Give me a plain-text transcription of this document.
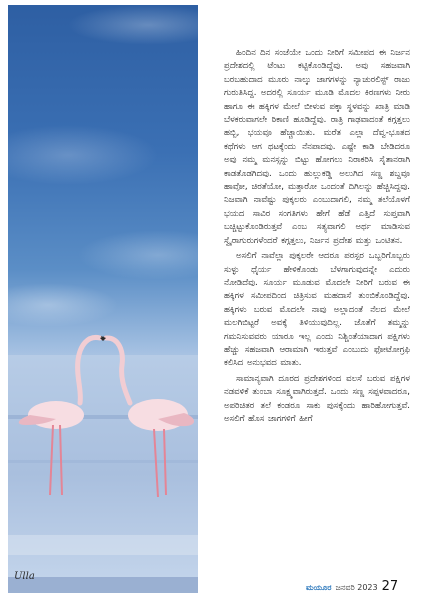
Ulla

ಹಿಂದಿನ ದಿನ ಸಂಜೆಯೇ ಒಂದು ನೀರಿಗೆ ಸಮೀಪದ ಈ ನಿರ್ಜನ ಪ್ರದೇಶದಲ್ಲಿ ಟೆಂಟು ಕಟ್ಟಿಕೊಂಡಿದ್ದೆವು. ಅವು ಸಹಜವಾಗಿ ಬರಬಹುದಾದ ಮೂರು ನಾಲ್ಕು ಜಾಗಗಳನ್ನು ನ್ಯಾಚುರಲಿಸ್ಟ್ ರಾಜು ಗುರುತಿಸಿದ್ದ. ಅದರಲ್ಲಿ ಸೂರ್ಯ ಮೂಡಿ ಮೊದಲ ಕಿರಣಗಳು ನೀರು ಹಾಗೂ ಈ ಹಕ್ಕಿಗಳ ಮೇಲೆ ಬೀಳುವ ಪಕ್ಕಾ ಸ್ಥಳವನ್ನು ಖಾತ್ರಿ ಮಾಡಿ ಬೆಳಕರುವಾಗಲೇ ಠಿಕಾಣಿ ಹೂಡಿದ್ದೆವು. ರಾತ್ರಿ ಗಾಢವಾದಂತೆ ಕಗ್ಗತ್ತಲು ಹಬ್ಬಿ, ಭಯವೂ ಹೆಚ್ಚಾಯಿತು. ಮರೆತ ಎಲ್ಲಾ ದೆವ್ವ-ಭೂತದ ಕಥೆಗಳು ಆಗ ಥಟಕ್ಕೆಂದು ನೆನಪಾದವು. ಎಷ್ಟೇ ಕಾಡಿ ಬೇಡಿದರೂ ಅವು ನಮ್ಮ ಮನಸ್ಸನ್ನು ಬಿಟ್ಟು ಹೋಗಲು ನಿರಾಕರಿಸಿ ಸೈತಾನರಾಗಿ ಕಾಡತೊಡಗಿದವು. ಒಂದು ಹುಲ್ಲುಕಡ್ಡಿ ಅಲುಗಿದ ಸಣ್ಣ ಶಬ್ದವೂ ಹಾವೋ, ಚಿರತೆಯೋ, ಮತ್ತಾರೋ ಒಂದಂತೆ ದಿಗಿಲನ್ನು ಹೆಚ್ಚಿಸಿದ್ದವು. ನಿಜವಾಗಿ ನಾವೆಷ್ಟು ಪುಕ್ಕಲರು ಎಂಬುದಾಗಲಿ, ನಮ್ಮ ತಲೆಯೊಳಗೆ ಭಯದ ಸಾವಿರ ಸಂಗತಿಗಳು ಹೇಗೆ ಹೆಡೆ ಎತ್ತಿದೆ ಸುಪ್ತವಾಗಿ ಬಚ್ಚಿಟ್ಟುಕೊಂಡಿರುತ್ತವೆ ಎಂಬ ಸತ್ಯವಾಗಲಿ ಅರ್ಥ ಮಾಡಿಸುವ ಸ್ವೈರಾಗುರುಗಳೆಂದರೆ ಕಗ್ಗತ್ತಲು, ನಿರ್ಜನ ಪ್ರದೇಶ ಮತ್ತು ಒಂಟಿತನ.

ಅಸಲಿಗೆ ನಾವೆಲ್ಲಾ ಪುಕ್ಕಲರೇ ಆದರೂ ಪರಸ್ಪರ ಒಬ್ಬರಿಗೊಬ್ಬರು ಸುಳ್ಳು ಧೈರ್ಯ ಹೇಳಿಕೊಂಡು ಬೆಳಗಾಗುವುದನ್ನೇ ಎದುರು ನೋಡಿದೆವು. ಸೂರ್ಯ ಮೂಡುವ ಮೊದಲೇ ನೀರಿಗೆ ಬರುವ ಈ ಹಕ್ಕಿಗಳ ಸಮೀಪದಿಂದ ಚಿತ್ರಿಸುವ ಮಹದಾಸೆ ತುಂಬಿಕೊಂಡಿದ್ದೆವು. ಹಕ್ಕಿಗಳು ಬರುವ ಮೊದಲೇ ನಾವು ಅಲ್ಲಾದಂತೆ ನೆಲದ ಮೇಲೆ ಮಲಗಿಬಿಟ್ಟರೆ ಅವಕ್ಕೆ ತಿಳಿಯುವುದಿಲ್ಲ. ಜೊತೆಗೆ ತಮ್ಮನ್ನು ಗಮನಿಸುವವರು ಯಾರೂ ಇಲ್ಲ ಎಂದು ನಿಶ್ಚಿಂತೆಯಾದಾಗ ಪಕ್ಷಿಗಳು ಹೆಚ್ಚು ಸಹಜವಾಗಿ ಆರಾಮಾಗಿ ಇರುತ್ತವೆ ಎಂಬುದು ಫೋಟೋಗ್ರಫಿ ಕಲಿಸಿದ ಅನುಭವದ ಮಾತು.

ಸಾಮಾನ್ಯವಾಗಿ ದೂರದ ಪ್ರದೇಶಗಳಿಂದ ವಲಸೆ ಬರುವ ಪಕ್ಷಿಗಳ ನಡವಳಿಕೆ ತುಂಬಾ ಸೂಕ್ಷ್ಮವಾಗಿರುತ್ತದೆ. ಒಂದು ಸಣ್ಣ ಸಪ್ಪಳವಾದರೂ, ಅಪರಿಚಿತರ ತಲೆ ಕಂಡರೂ ಸಾಕು ಪುಸಕ್ಕೆಂದು ಹಾರಿಹೋಗುತ್ತವೆ. ಅಸಲಿಗೆ ಹೊಸ ಜಾಗಗಳಿಗೆ ಹೀಗೆ

ಮಯೂರ ಜನವರಿ 2023 27
